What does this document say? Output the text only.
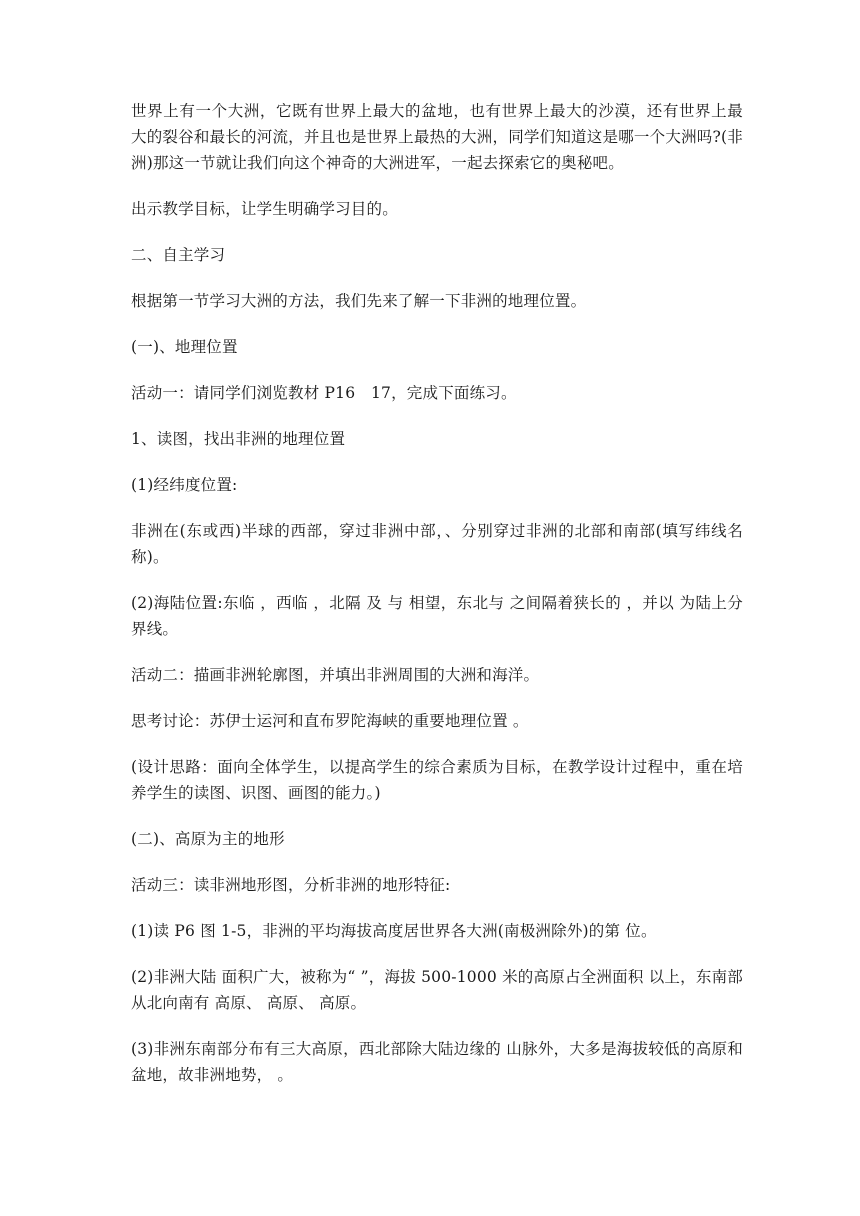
世界上有一个大洲，它既有世界上最大的盆地，也有世界上最大的沙漠，还有世界上最大的裂谷和最长的河流，并且也是世界上最热的大洲，同学们知道这是哪一个大洲吗?(非洲)那这一节就让我们向这个神奇的大洲进军，一起去探索它的奥秘吧。

出示教学目标，让学生明确学习目的。

二、自主学习

根据第一节学习大洲的方法，我们先来了解一下非洲的地理位置。

(一)、地理位置

活动一：请同学们浏览教材 P16　17，完成下面练习。

1、读图，找出非洲的地理位置

(1)经纬度位置:

非洲在(东或西)半球的西部，穿过非洲中部，、分别穿过非洲的北部和南部(填写纬线名称)。

(2)海陆位置:东临 ，西临 ，北隔 及 与 相望，东北与 之间隔着狭长的 ，并以 为陆上分界线。

活动二：描画非洲轮廓图，并填出非洲周围的大洲和海洋。

思考讨论：苏伊士运河和直布罗陀海峡的重要地理位置 。

(设计思路：面向全体学生，以提高学生的综合素质为目标，在教学设计过程中，重在培养学生的读图、识图、画图的能力。)

(二)、高原为主的地形

活动三：读非洲地形图，分析非洲的地形特征:

(1)读 P6 图 1-5，非洲的平均海拔高度居世界各大洲(南极洲除外)的第 位。

(2)非洲大陆 面积广大，被称为“ ”，海拔 500-1000 米的高原占全洲面积 以上，东南部从北向南有 高原、 高原、 高原。

(3)非洲东南部分布有三大高原，西北部除大陆边缘的 山脉外，大多是海拔较低的高原和盆地，故非洲地势， 。
